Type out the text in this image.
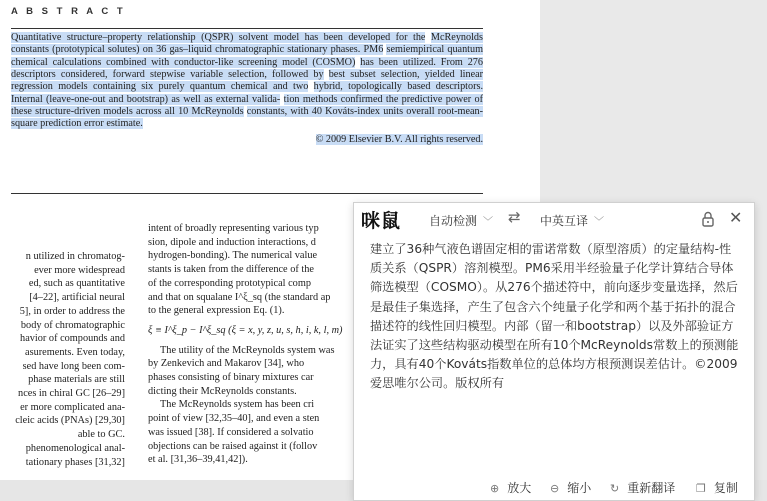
A B S T R A C T
Quantitative structure–property relationship (QSPR) solvent model has been developed for the McReynolds constants (prototypical solutes) on 36 gas–liquid chromatographic stationary phases. PM6 semiempirical quantum chemical calculations combined with conductor-like screening model (COSMO) has been utilized. From 276 descriptors considered, forward stepwise variable selection, followed by best subset selection, yielded linear regression models containing six purely quantum chemical and two hybrid, topologically based descriptors. Internal (leave-one-out and bootstrap) as well as external valida- tion methods confirmed the predictive power of these structure-driven models across all 10 McReynolds constants, with 40 Kováts-index units overall root-mean-square prediction error estimate.
© 2009 Elsevier B.V. All rights reserved.
n utilized in chromatog-
ever more widespread
ed, such as quantitative
[4–22], artificial neural
5], in order to address the
body of chromatographic
havior of compounds and
asurements. Even today,
sed have long been com-
phase materials are still
nces in chiral GC [26–29]
er more complicated ana-
cleic acids (PNAs) [29,30]
able to GC.
phenomenological anal-
tationary phases [31,32]
intent of broadly representing various typ
sion, dipole and induction interactions, d
hydrogen-bonding). The numerical value
stants is taken from the difference of the
of the corresponding prototypical comp
and that on squalane I^ξ_sq (the standard ap
to the general expression Eq. (1).
ξ ≡ I^ξ_p − I^ξ_sq (ξ = x, y, z, u, s, h, i, k, l, m)
The utility of the McReynolds system was
by Zenkevich and Makarov [34], who
phases consisting of binary mixtures car
dicting their McReynolds constants.
The McReynolds system has been cri
point of view [32,35–40], and even a sten
was issued [38]. If considered a solvatio
objections can be raised against it (follov
et al. [31,36–39,41,42]).
咪鼠 自动检测 ﹀ ⇄ 中英互译 ﹀	✕
建立了36种气液色谱固定相的雷诺常数（原型溶质）的定量结构-性质关系（QSPR）溶剂模型。PM6采用半经验量子化学计算结合导体筛选模型（COSMO）。从276个描述符中，前向逐步变量选择，然后是最佳子集选择，产生了包含六个纯量子化学和两个基于拓扑的混合描述符的线性回归模型。内部（留一和bootstrap）以及外部验证方法证实了这些结构驱动模型在所有10个McReynolds常数上的预测能力，具有40个Kováts指数单位的总体均方根预测误差估计。©2009爱思唯尔公司。版权所有
⊕ 放大 ⊖ 缩小 ↻ 重新翻译 ❐ 复制
